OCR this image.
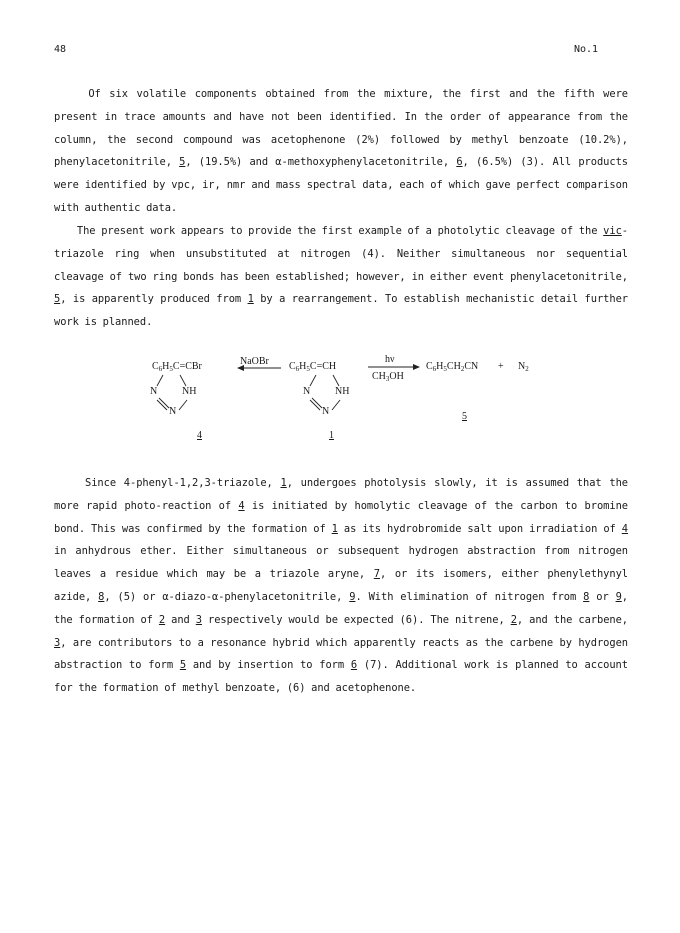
48	No.1

Of six volatile components obtained from the mixture, the first and the fifth were present in trace amounts and have not been identified. In the order of appearance from the column, the second compound was acetophenone (2%) followed by methyl benzoate (10.2%), phenylacetonitrile, 5, (19.5%) and α-methoxyphenylacetonitrile, 6, (6.5%) (3). All products were identified by vpc, ir, nmr and mass spectral data, each of which gave perfect comparison with authentic data.

The present work appears to provide the first example of a photolytic cleavage of the vic-triazole ring when unsubstituted at nitrogen (4). Neither simultaneous nor sequential cleavage of two ring bonds has been established; however, in either event phenylacetonitrile, 5, is apparently produced from 1 by a rearrangement. To establish mechanistic detail further work is planned.

$C_6H_5C=CBr$	NaOBr $C_6H_5C=CH$
hν
$CH_3OH$
$C_6H_5CH_2CN + N_2$
N NH
N
N NH
N
4	1
5

Since 4-phenyl-1,2,3-triazole, 1, undergoes photolysis slowly, it is assumed that the more rapid photo-reaction of 4 is initiated by homolytic cleavage of the carbon to bromine bond. This was confirmed by the formation of 1 as its hydrobromide salt upon irradiation of 4 in anhydrous ether. Either simultaneous or subsequent hydrogen abstraction from nitrogen leaves a residue which may be a triazole aryne, 7, or its isomers, either phenylethynyl azide, 8, (5) or α-diazo-α-phenylacetonitrile, 9. With elimination of nitrogen from 8 or 9, the formation of 2 and 3 respectively would be expected (6). The nitrene, 2, and the carbene, 3, are contributors to a resonance hybrid which apparently reacts as the carbene by hydrogen abstraction to form 5 and by insertion to form 6 (7). Additional work is planned to account for the formation of methyl benzoate, (6) and acetophenone.
